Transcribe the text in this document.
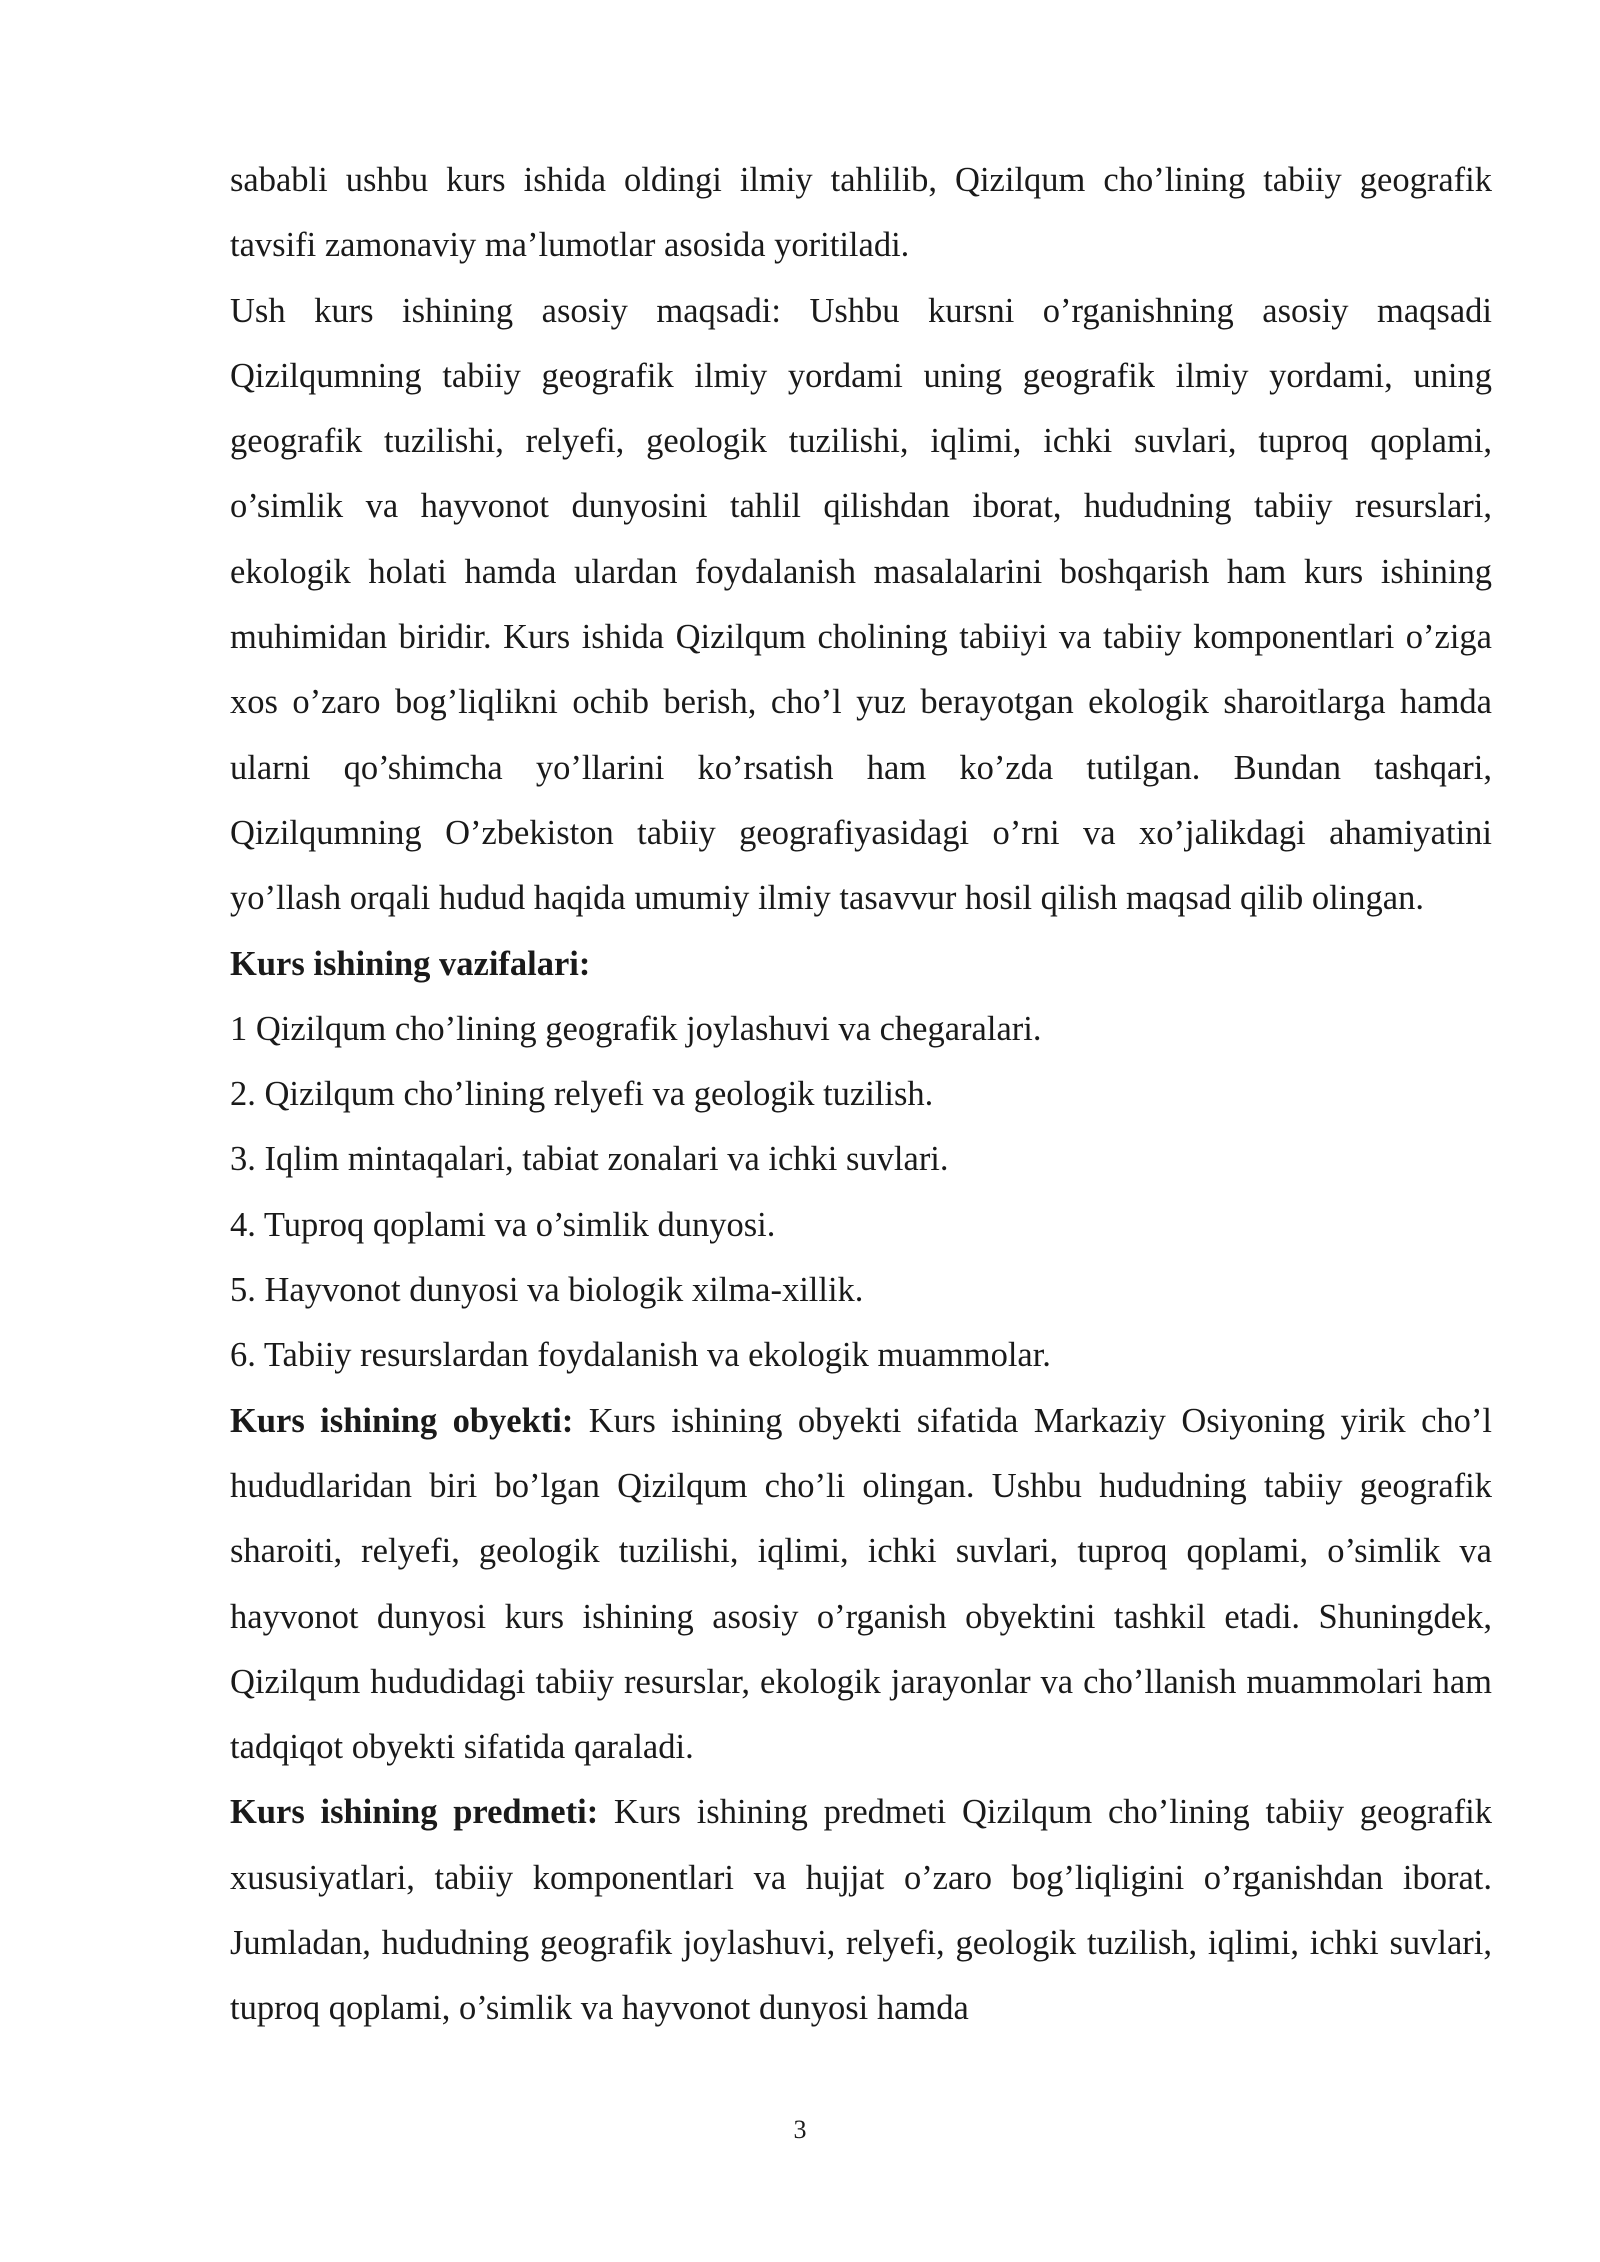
sababli ushbu kurs ishida oldingi ilmiy tahlilib, Qizilqum cho’lining tabiiy geografik tavsifi zamonaviy ma’lumotlar asosida yoritiladi.

Ush kurs ishining asosiy maqsadi: Ushbu kursni o’rganishning asosiy maqsadi Qizilqumning tabiiy geografik ilmiy yordami uning geografik ilmiy yordami, uning geografik tuzilishi, relyefi, geologik tuzilishi, iqlimi, ichki suvlari, tuproq qoplami, o’simlik va hayvonot dunyosini tahlil qilishdan iborat, hududning tabiiy resurslari, ekologik holati hamda ulardan foydalanish masalalarini boshqarish ham kurs ishining muhimidan biridir. Kurs ishida Qizilqum cholining tabiiyi va tabiiy komponentlari o’ziga xos o’zaro bog’liqlikni ochib berish, cho’l yuz berayotgan ekologik sharoitlarga hamda ularni qo’shimcha yo’llarini ko’rsatish ham ko’zda tutilgan. Bundan tashqari, Qizilqumning O’zbekiston tabiiy geografiyasidagi o’rni va xo’jalikdagi ahamiyatini yo’llash orqali hudud haqida umumiy ilmiy tasavvur hosil qilish maqsad qilib olingan.

Kurs ishining vazifalari:

1 Qizilqum cho’lining geografik joylashuvi va chegaralari.
2. Qizilqum cho’lining relyefi va geologik tuzilish.
3. Iqlim mintaqalari, tabiat zonalari va ichki suvlari.
4. Tuproq qoplami va o’simlik dunyosi.
5. Hayvonot dunyosi va biologik xilma-xillik.
6. Tabiiy resurslardan foydalanish va ekologik muammolar.

Kurs ishining obyekti: Kurs ishining obyekti sifatida Markaziy Osiyoning yirik cho’l hududlaridan biri bo’lgan Qizilqum cho’li olingan. Ushbu hududning tabiiy geografik sharoiti, relyefi, geologik tuzilishi, iqlimi, ichki suvlari, tuproq qoplami, o’simlik va hayvonot dunyosi kurs ishining asosiy o’rganish obyektini tashkil etadi. Shuningdek, Qizilqum hududidagi tabiiy resurslar, ekologik jarayonlar va cho’llanish muammolari ham tadqiqot obyekti sifatida qaraladi.

Kurs ishining predmeti: Kurs ishining predmeti Qizilqum cho’lining tabiiy geografik xususiyatlari, tabiiy komponentlari va hujjat o’zaro bog’liqligini o’rganishdan iborat. Jumladan, hududning geografik joylashuvi, relyefi, geologik tuzilish, iqlimi, ichki suvlari, tuproq qoplami, o’simlik va hayvonot dunyosi hamda

3
